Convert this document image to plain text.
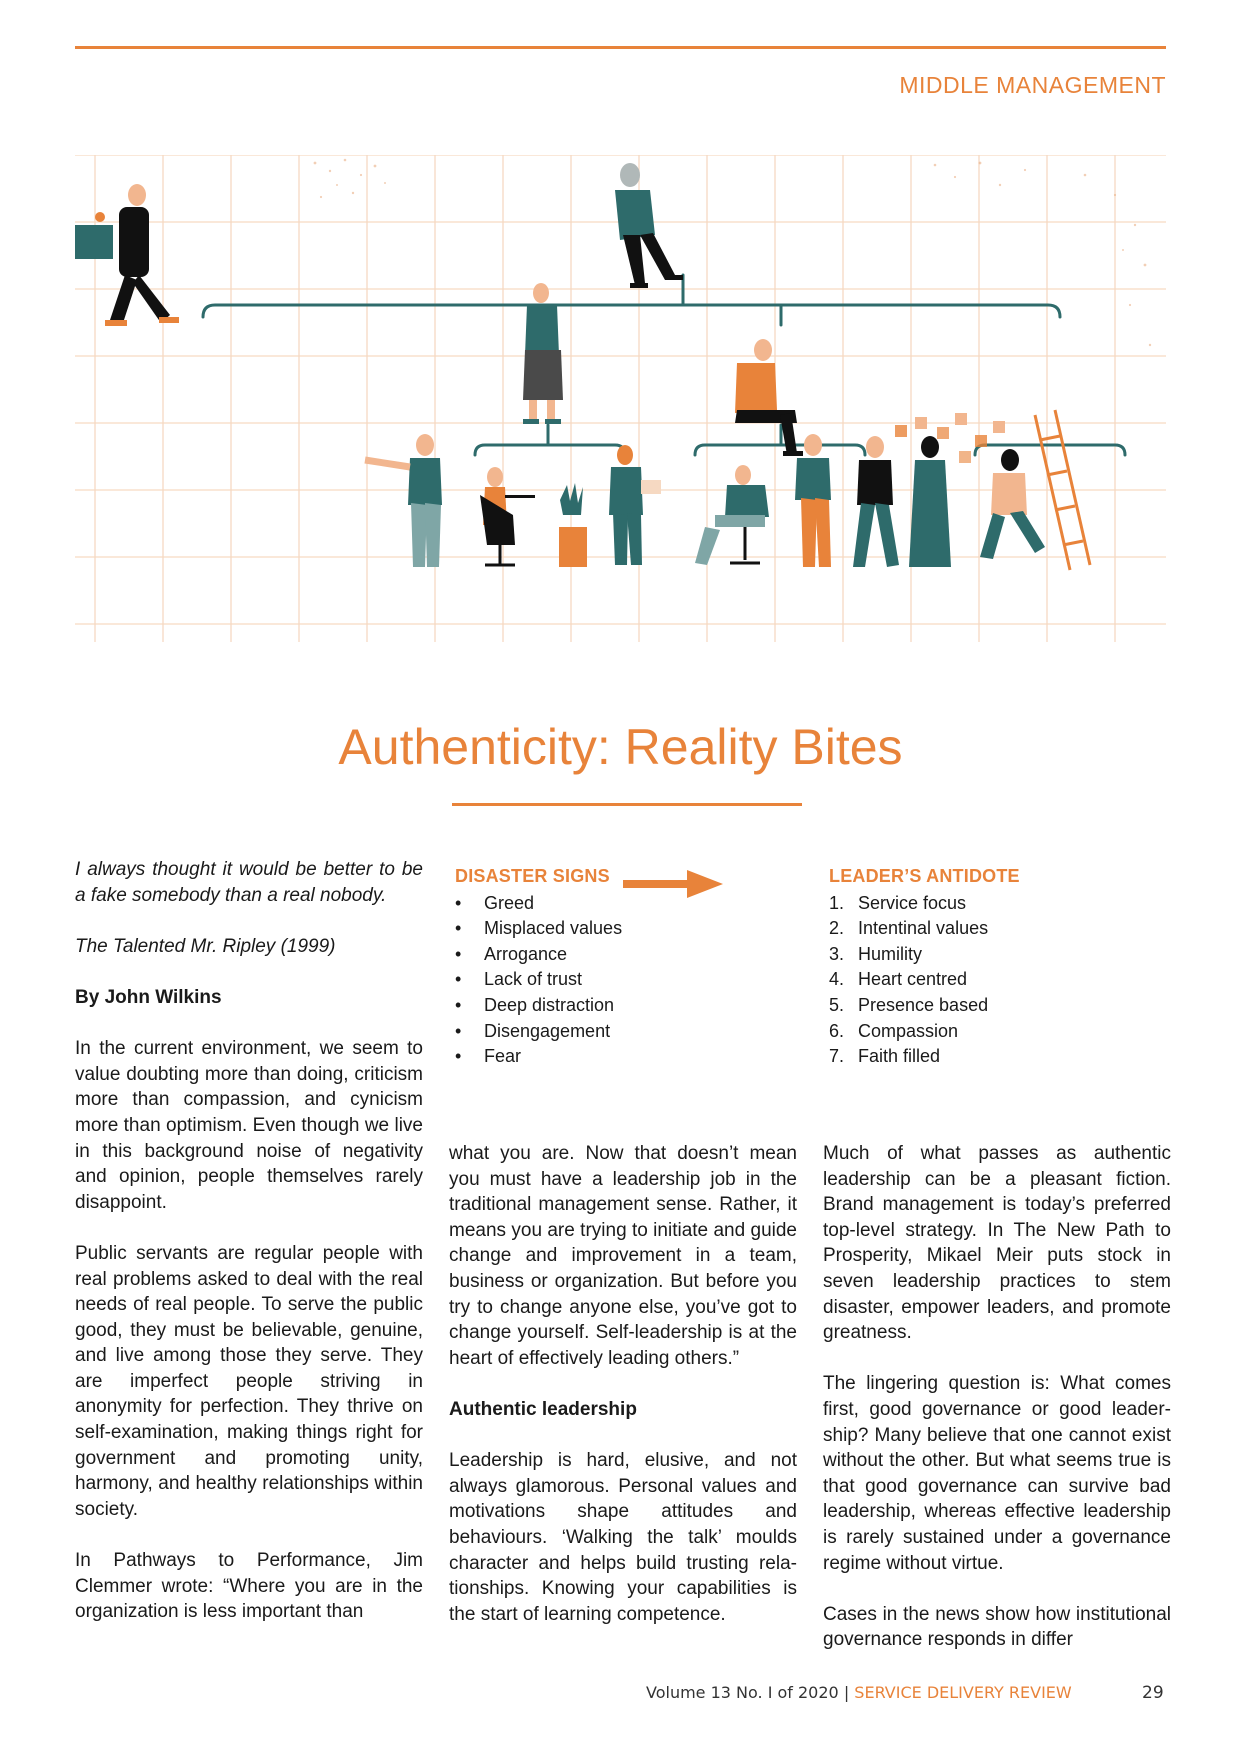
MIDDLE MANAGEMENT
Authenticity: Reality Bites

I always thought it would be better to be a fake somebody than a real nobody.

The Talented Mr. Ripley (1999)

By John Wilkins

In the current environment, we seem to value doubting more than doing, criticism more than compassion, and cynicism more than optimism. Even though we live in this background noise of negativity and opinion, people themselves rarely disappoint.

Public servants are regular people with real problems asked to deal with the real needs of real people. To serve the public good, they must be believable, genuine, and live among those they serve. They are imperfect people striving in anonymity for perfection. They thrive on self-examination, making things right for government and promoting unity, harmony, and healthy relationships within society.

In Pathways to Performance, Jim Clemmer wrote: “Where you are in the organization is less important than

DISASTER SIGNS
•	Greed
•	Misplaced values
•	Arrogance
•	Lack of trust
•	Deep distraction
•	Disengagement
•	Fear
LEADER’S ANTIDOTE
1. Service focus
2. Intentinal values
3. Humility
4. Heart centred
5. Presence based
6. Compassion
7. Faith filled

what you are. Now that doesn’t mean you must have a leadership job in the traditional management sense. Rather, it means you are trying to initiate and guide change and improvement in a team, business or organization. But before you try to change anyone else, you’ve got to change yourself. Self-leadership is at the heart of effectively leading others.”

Authentic leadership

Leadership is hard, elusive, and not always glamorous. Personal values and motivations shape attitudes and behaviours. ‘Walking the talk’ moulds character and helps build trusting relationships. Knowing your capabilities is the start of learning competence.

Much of what passes as authentic leadership can be a pleasant fiction. Brand management is today’s preferred top-level strategy. In The New Path to Prosperity, Mikael Meir puts stock in seven leadership practices to stem disaster, empower leaders, and promote greatness.

The lingering question is: What comes first, good governance or good leadership? Many believe that one cannot exist without the other. But what seems true is that good governance can survive bad leadership, whereas effective leadership is rarely sustained under a governance regime without virtue.

Cases in the news show how institutional governance responds in differ

Volume 13 No. I of 2020 | SERVICE DELIVERY REVIEW	29
